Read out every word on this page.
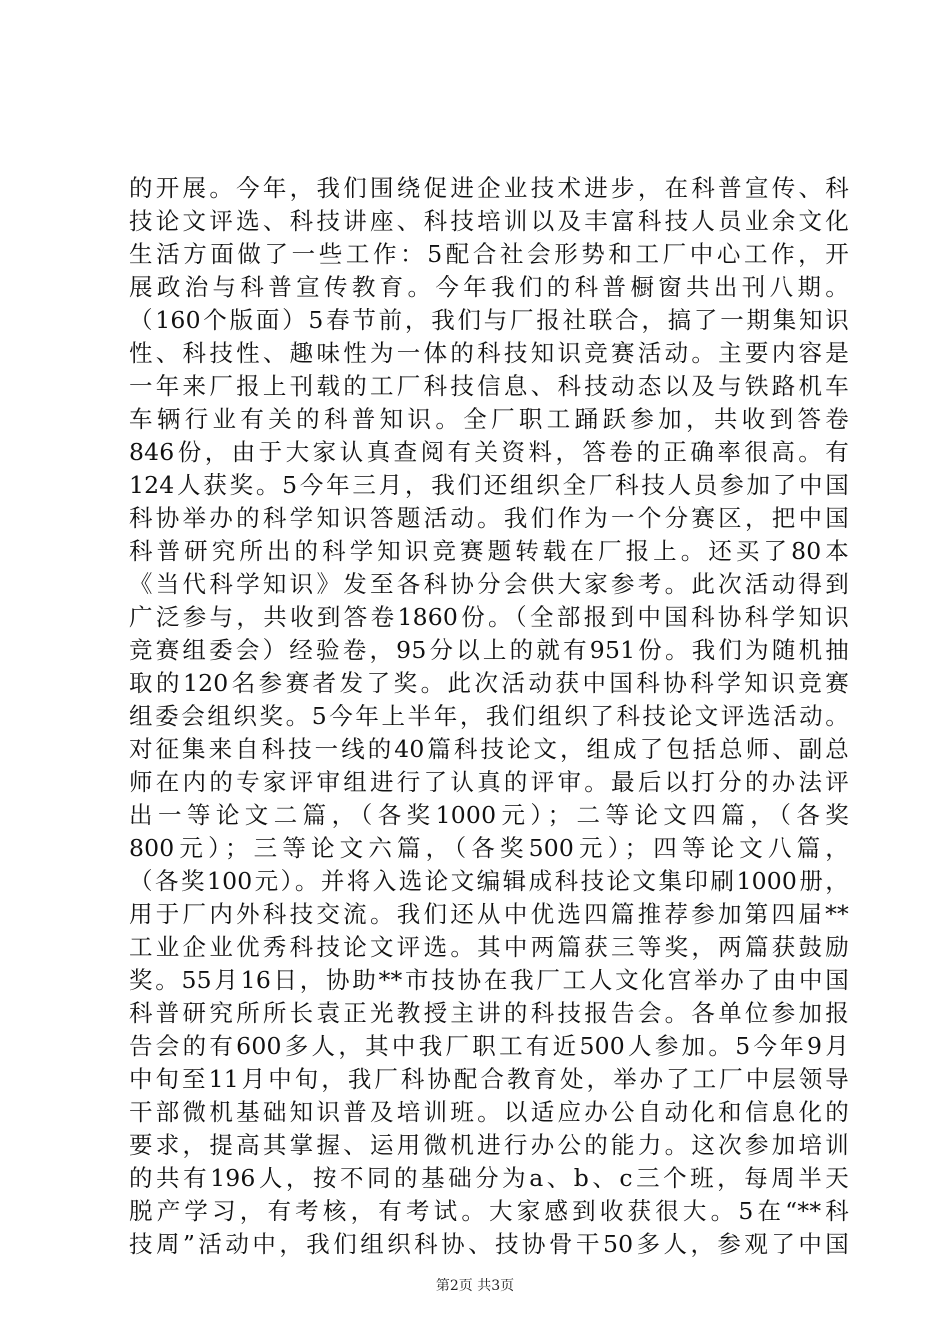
的开展。今年，我们围绕促进企业技术进步，在科普宣传、科
技论文评选、科技讲座、科技培训以及丰富科技人员业余文化
生活方面做了一些工作：5配合社会形势和工厂中心工作，开
展政治与科普宣传教育。今年我们的科普橱窗共出刊八期。
（160个版面）5春节前，我们与厂报社联合，搞了一期集知识
性、科技性、趣味性为一体的科技知识竞赛活动。主要内容是
一年来厂报上刊载的工厂科技信息、科技动态以及与铁路机车
车辆行业有关的科普知识。全厂职工踊跃参加，共收到答卷
846份，由于大家认真查阅有关资料，答卷的正确率很高。有
124人获奖。5今年三月，我们还组织全厂科技人员参加了中国
科协举办的科学知识答题活动。我们作为一个分赛区，把中国
科普研究所出的科学知识竞赛题转载在厂报上。还买了80本
《当代科学知识》发至各科协分会供大家参考。此次活动得到
广泛参与，共收到答卷1860份。（全部报到中国科协科学知识
竞赛组委会）经验卷，95分以上的就有951份。我们为随机抽
取的120名参赛者发了奖。此次活动获中国科协科学知识竞赛
组委会组织奖。5今年上半年，我们组织了科技论文评选活动。
对征集来自科技一线的40篇科技论文，组成了包括总师、副总
师在内的专家评审组进行了认真的评审。最后以打分的办法评
出一等论文二篇，（各奖1000元）；二等论文四篇，（各奖
800元）；三等论文六篇，（各奖500元）；四等论文八篇，
（各奖100元）。并将入选论文编辑成科技论文集印刷1000册，
用于厂内外科技交流。我们还从中优选四篇推荐参加第四届**
工业企业优秀科技论文评选。其中两篇获三等奖，两篇获鼓励
奖。55月16日，协助**市技协在我厂工人文化宫举办了由中国
科普研究所所长袁正光教授主讲的科技报告会。各单位参加报
告会的有600多人，其中我厂职工有近500人参加。5今年9月
中旬至11月中旬，我厂科协配合教育处，举办了工厂中层领导
干部微机基础知识普及培训班。以适应办公自动化和信息化的
要求，提高其掌握、运用微机进行办公的能力。这次参加培训
的共有196人，按不同的基础分为a、b、c三个班，每周半天
脱产学习，有考核，有考试。大家感到收获很大。5在“**科
技周”活动中，我们组织科协、技协骨干50多人，参观了中国
第2页 共3页
